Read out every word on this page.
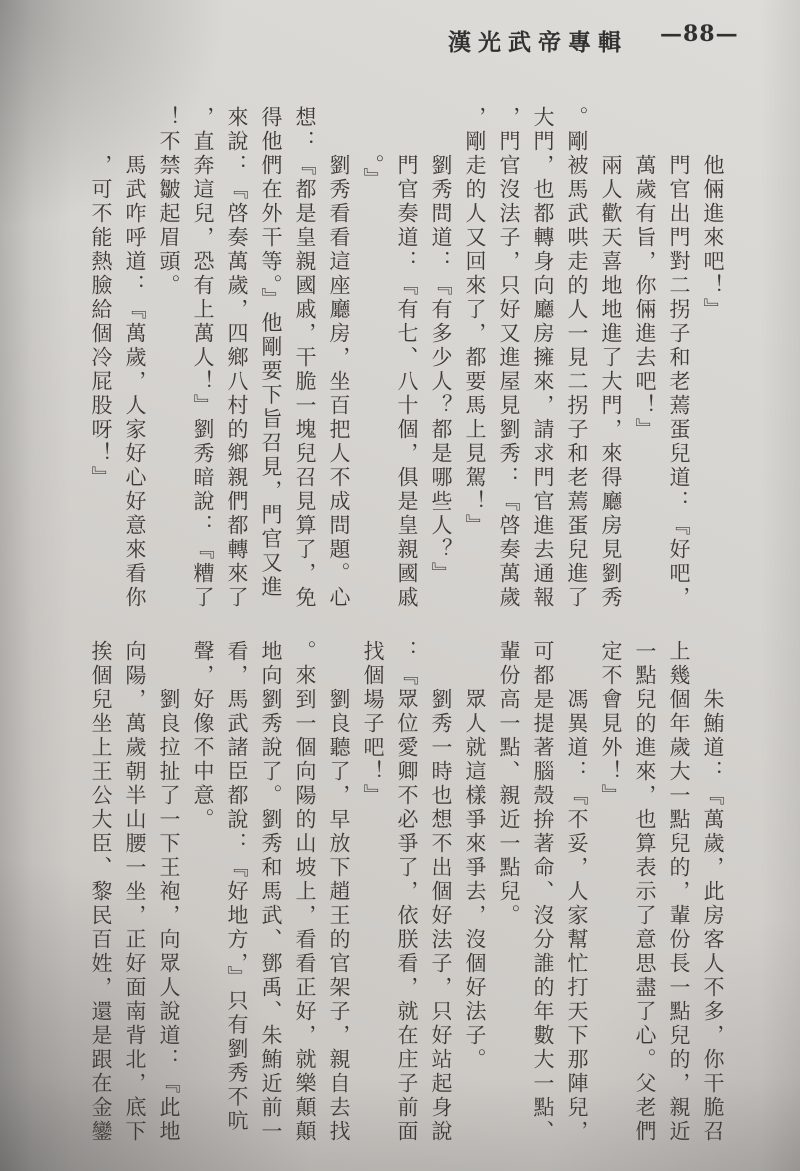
漢光武帝專輯 —88—
他倆進來吧！』
門官出門對二拐子和老蔫蛋兒道：『好吧，
萬歲有旨，你倆進去吧！』
兩人歡天喜地地進了大門，來得廳房見劉秀
。剛被馬武哄走的人一見二拐子和老蔫蛋兒進了
大門，也都轉身向廳房擁來，請求門官進去通報
，門官沒法子，只好又進屋見劉秀：『啓奏萬歲
，剛走的人又回來了，都要馬上見駕！』
劉秀問道：『有多少人？都是哪些人？』
門官奏道：『有七、八十個，俱是皇親國戚
。』
劉秀看看這座廳房，坐百把人不成問題。心
想：『都是皇親國戚，干脆一塊兒召見算了，免
得他們在外干等。』他剛要下旨召見，門官又進
來說：『啓奏萬歲，四鄉八村的鄉親們都轉來了
，直奔這兒，恐有上萬人！』劉秀暗說：『糟了
！不禁皺起眉頭。
馬武咋呼道：『萬歲，人家好心好意來看你
，可不能熱臉給個冷屁股呀！』
朱鮪道：『萬歲，此房客人不多，你干脆召
上幾個年歲大一點兒的，輩份長一點兒的，親近
一點兒的進來，也算表示了意思盡了心。父老們
定不會見外！』
馮異道：『不妥，人家幫忙打天下那陣兒，
可都是提著腦殼拚著命、沒分誰的年數大一點、
輩份高一點、親近一點兒。
眾人就這樣爭來爭去，沒個好法子。
劉秀一時也想不出個好法子，只好站起身說
：『眾位愛卿不必爭了，依朕看，就在庄子前面
找個場子吧！』
劉良聽了，早放下趙王的官架子，親自去找
。來到一個向陽的山坡上，看看正好，就樂顛顛
地向劉秀說了。劉秀和馬武、鄧禹、朱鮪近前一
看，馬武諸臣都說：『好地方，』只有劉秀不吭
聲，好像不中意。
劉良拉扯了一下王袍，向眾人說道：『此地
向陽，萬歲朝半山腰一坐，正好面南背北，底下
挨個兒坐上王公大臣、黎民百姓，還是跟在金鑾
